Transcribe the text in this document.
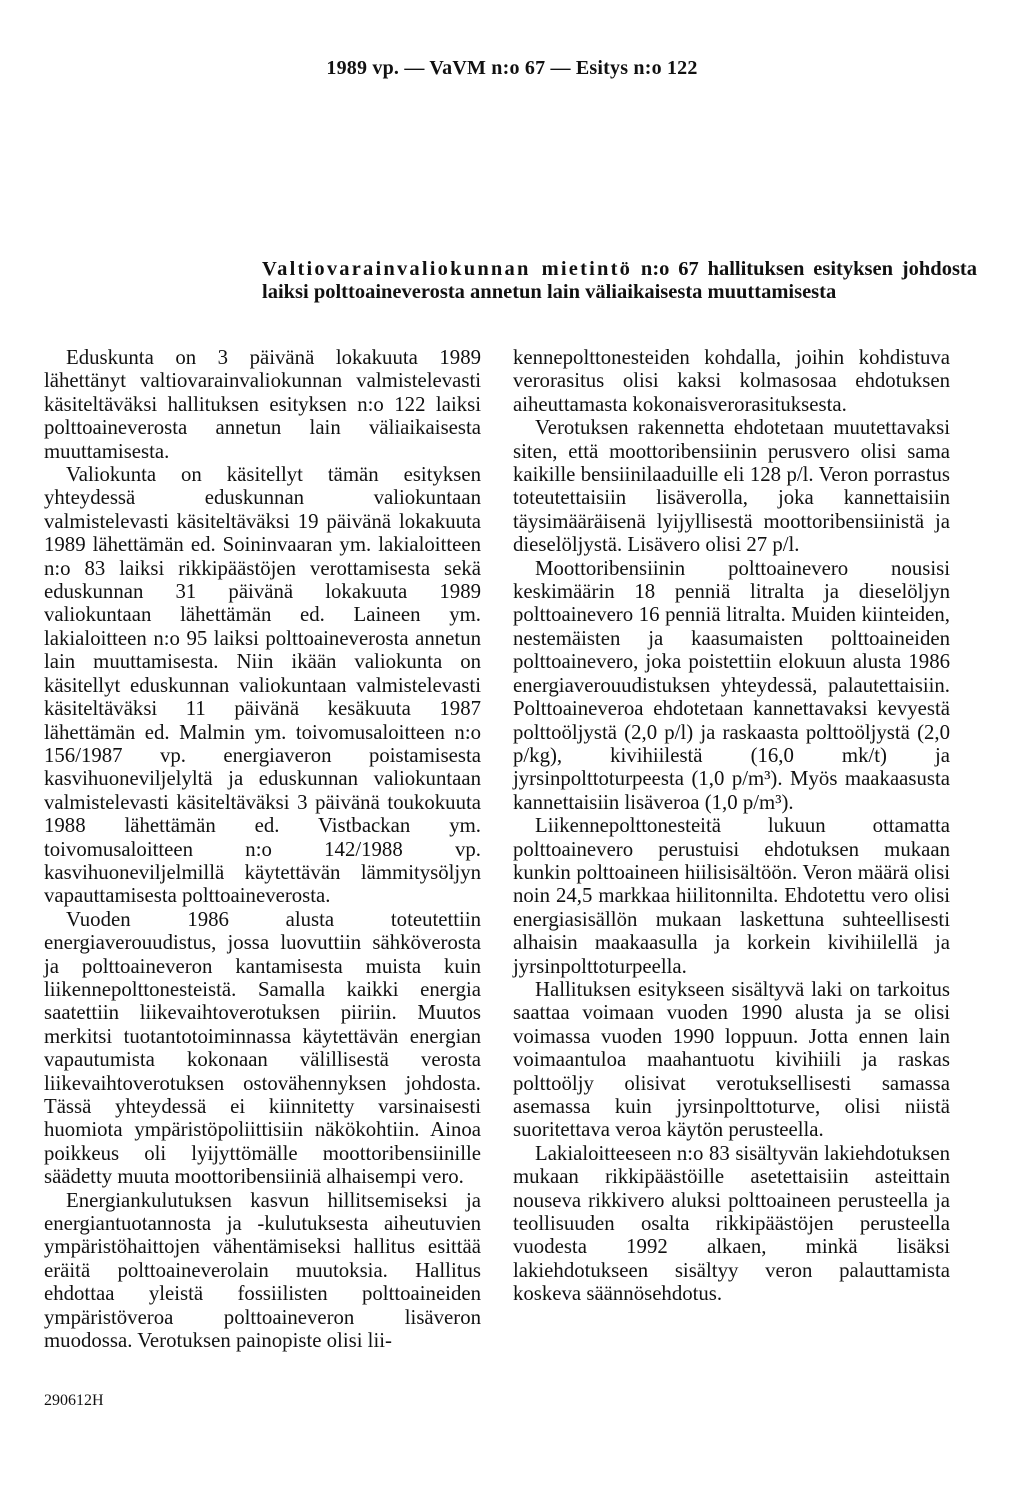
1989 vp. — VaVM n:o 67 — Esitys n:o 122
Valtiovarainvaliokunnan mietintö n:o 67 hallituksen esityksen johdosta laiksi polttoaineverosta annetun lain väliaikaisesta muuttamisesta

Eduskunta on 3 päivänä lokakuuta 1989 lähettänyt valtiovarainvaliokunnan valmistelevasti käsiteltäväksi hallituksen esityksen n:o 122 laiksi polttoaineverosta annetun lain väliaikaisesta muuttamisesta.

Valiokunta on käsitellyt tämän esityksen yhteydessä eduskunnan valiokuntaan valmistelevasti käsiteltäväksi 19 päivänä lokakuuta 1989 lähettämän ed. Soininvaaran ym. lakialoitteen n:o 83 laiksi rikkipäästöjen verottamisesta sekä eduskunnan 31 päivänä lokakuuta 1989 valiokuntaan lähettämän ed. Laineen ym. lakialoitteen n:o 95 laiksi polttoaineverosta annetun lain muuttamisesta. Niin ikään valiokunta on käsitellyt eduskunnan valiokuntaan valmistelevasti käsiteltäväksi 11 päivänä kesäkuuta 1987 lähettämän ed. Malmin ym. toivomusaloitteen n:o 156/1987 vp. energiaveron poistamisesta kasvihuoneviljelyltä ja eduskunnan valiokuntaan valmistelevasti käsiteltäväksi 3 päivänä toukokuuta 1988 lähettämän ed. Vistbackan ym. toivomusaloitteen n:o 142/1988 vp. kasvihuoneviljelmillä käytettävän lämmitysöljyn vapauttamisesta polttoaineverosta.

Vuoden 1986 alusta toteutettiin energiaverouudistus, jossa luovuttiin sähköverosta ja polttoaineveron kantamisesta muista kuin liikennepolttonesteistä. Samalla kaikki energia saatettiin liikevaihtoverotuksen piiriin. Muutos merkitsi tuotantotoiminnassa käytettävän energian vapautumista kokonaan välillisestä verosta liikevaihtoverotuksen ostovähennyksen johdosta. Tässä yhteydessä ei kiinnitetty varsinaisesti huomiota ympäristöpoliittisiin näkökohtiin. Ainoa poikkeus oli lyijyttömälle moottoribensiinille säädetty muuta moottoribensiiniä alhaisempi vero.

Energiankulutuksen kasvun hillitsemiseksi ja energiantuotannosta ja -kulutuksesta aiheutuvien ympäristöhaittojen vähentämiseksi hallitus esittää eräitä polttoaineverolain muutoksia. Hallitus ehdottaa yleistä fossiilisten polttoaineiden ympäristöveroa polttoaineveron lisäveron muodossa. Verotuksen painopiste olisi lii-

kennepolttonesteiden kohdalla, joihin kohdistuva verorasitus olisi kaksi kolmasosaa ehdotuksen aiheuttamasta kokonaisverorasituksesta.

Verotuksen rakennetta ehdotetaan muutettavaksi siten, että moottoribensiinin perusvero olisi sama kaikille bensiinilaaduille eli 128 p/l. Veron porrastus toteutettaisiin lisäverolla, joka kannettaisiin täysimääräisenä lyijyllisestä moottoribensiinistä ja dieselöljystä. Lisävero olisi 27 p/l.

Moottoribensiinin polttoainevero nousisi keskimäärin 18 penniä litralta ja dieselöljyn polttoainevero 16 penniä litralta. Muiden kiinteiden, nestemäisten ja kaasumaisten polttoaineiden polttoainevero, joka poistettiin elokuun alusta 1986 energiaverouudistuksen yhteydessä, palautettaisiin. Polttoaineveroa ehdotetaan kannettavaksi kevyestä polttoöljystä (2,0 p/l) ja raskaasta polttoöljystä (2,0 p/kg), kivihiilestä (16,0 mk/t) ja jyrsinpolttoturpeesta (1,0 p/m³). Myös maakaasusta kannettaisiin lisäveroa (1,0 p/m³).

Liikennepolttonesteitä lukuun ottamatta polttoainevero perustuisi ehdotuksen mukaan kunkin polttoaineen hiilisisältöön. Veron määrä olisi noin 24,5 markkaa hiilitonnilta. Ehdotettu vero olisi energiasisällön mukaan laskettuna suhteellisesti alhaisin maakaasulla ja korkein kivihiilellä ja jyrsinpolttoturpeella.

Hallituksen esitykseen sisältyvä laki on tarkoitus saattaa voimaan vuoden 1990 alusta ja se olisi voimassa vuoden 1990 loppuun. Jotta ennen lain voimaantuloa maahantuotu kivihiili ja raskas polttoöljy olisivat verotuksellisesti samassa asemassa kuin jyrsinpolttoturve, olisi niistä suoritettava veroa käytön perusteella.

Lakialoitteeseen n:o 83 sisältyvän lakiehdotuksen mukaan rikkipäästöille asetettaisiin asteittain nouseva rikkivero aluksi polttoaineen perusteella ja teollisuuden osalta rikkipäästöjen perusteella vuodesta 1992 alkaen, minkä lisäksi lakiehdotukseen sisältyy veron palauttamista koskeva säännösehdotus.

290612H
